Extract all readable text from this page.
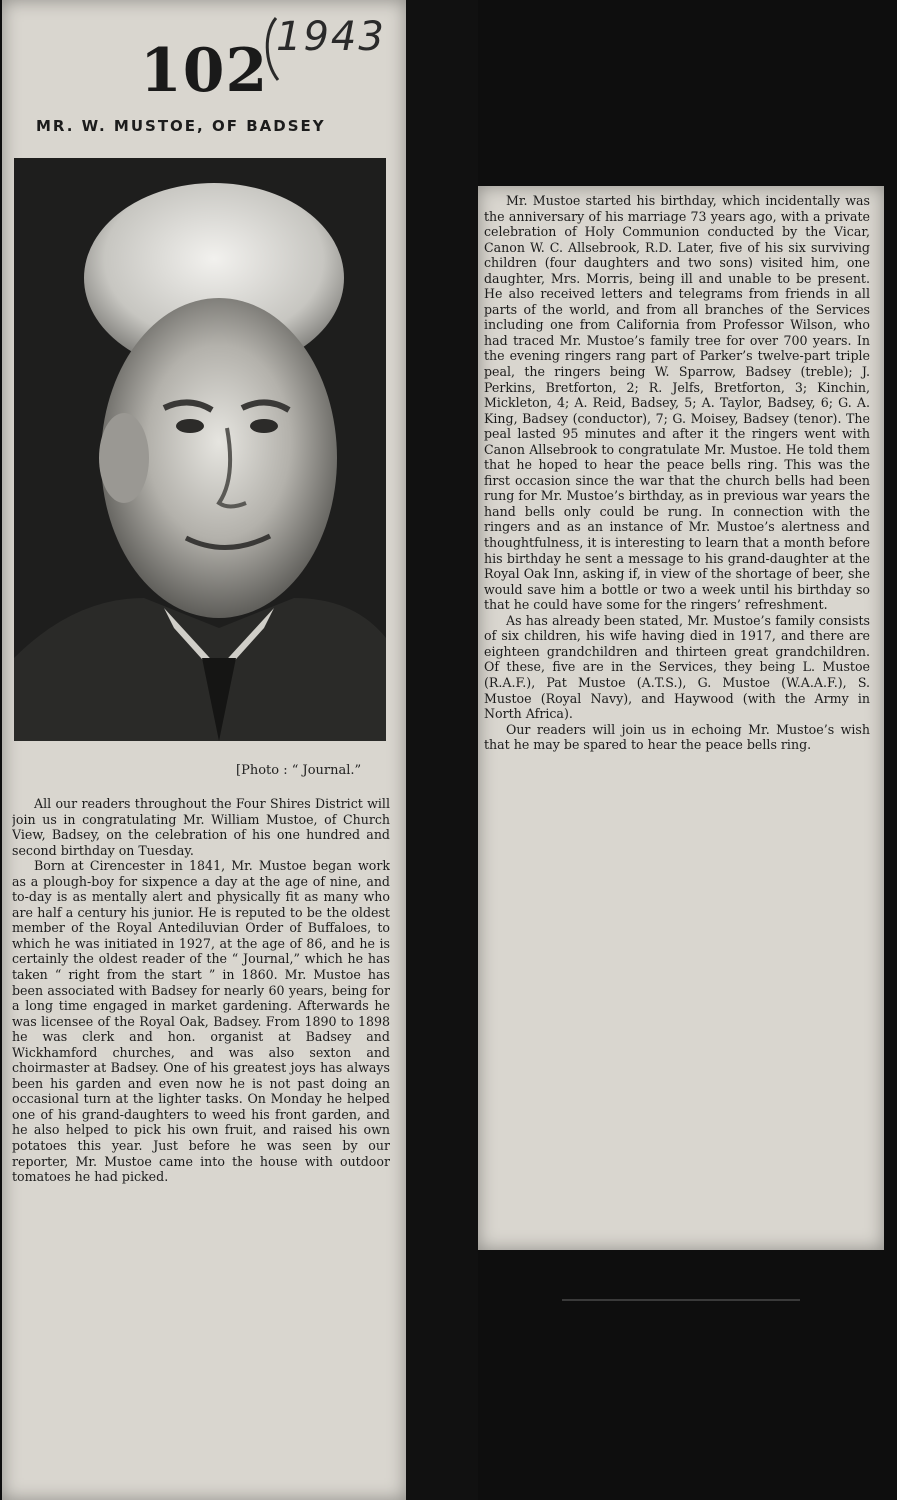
102 1943
MR. W. MUSTOE, OF BADSEY
[Photo : “ Journal.”

All our readers throughout the Four Shires District will join us in congratulating Mr. William Mustoe, of Church View, Badsey, on the celebration of his one hundred and second birthday on Tuesday.

Born at Cirencester in 1841, Mr. Mustoe began work as a plough-boy for sixpence a day at the age of nine, and to-day is as mentally alert and physically fit as many who are half a century his junior. He is reputed to be the oldest member of the Royal Antediluvian Order of Buffaloes, to which he was initiated in 1927, at the age of 86, and he is certainly the oldest reader of the “ Journal,” which he has taken “ right from the start ” in 1860. Mr. Mustoe has been associated with Badsey for nearly 60 years, being for a long time engaged in market gardening. Afterwards he was licensee of the Royal Oak, Badsey. From 1890 to 1898 he was clerk and hon. organist at Badsey and Wickhamford churches, and was also sexton and choirmaster at Badsey. One of his greatest joys has always been his garden and even now he is not past doing an occasional turn at the lighter tasks. On Monday he helped one of his grand-daughters to weed his front garden, and he also helped to pick his own fruit, and raised his own potatoes this year. Just before he was seen by our reporter, Mr. Mustoe came into the house with outdoor tomatoes he had picked.

Mr. Mustoe started his birthday, which incidentally was the anniversary of his marriage 73 years ago, with a private celebration of Holy Communion conducted by the Vicar, Canon W. C. Allsebrook, R.D. Later, five of his six surviving children (four daughters and two sons) visited him, one daughter, Mrs. Morris, being ill and unable to be present. He also received letters and telegrams from friends in all parts of the world, and from all branches of the Services including one from California from Professor Wilson, who had traced Mr. Mustoe’s family tree for over 700 years. In the evening ringers rang part of Parker’s twelve-part triple peal, the ringers being W. Sparrow, Badsey (treble); J. Perkins, Bretforton, 2; R. Jelfs, Bretforton, 3; Kinchin, Mickleton, 4; A. Reid, Badsey, 5; A. Taylor, Badsey, 6; G. A. King, Badsey (conductor), 7; G. Moisey, Badsey (tenor). The peal lasted 95 minutes and after it the ringers went with Canon Allsebrook to congratulate Mr. Mustoe. He told them that he hoped to hear the peace bells ring. This was the first occasion since the war that the church bells had been rung for Mr. Mustoe’s birthday, as in previous war years the hand bells only could be rung. In connection with the ringers and as an instance of Mr. Mustoe’s alertness and thoughtfulness, it is interesting to learn that a month before his birthday he sent a message to his grand-daughter at the Royal Oak Inn, asking if, in view of the shortage of beer, she would save him a bottle or two a week until his birthday so that he could have some for the ringers’ refreshment.

As has already been stated, Mr. Mustoe’s family consists of six children, his wife having died in 1917, and there are eighteen grandchildren and thirteen great grandchildren. Of these, five are in the Services, they being L. Mustoe (R.A.F.), Pat Mustoe (A.T.S.), G. Mustoe (W.A.A.F.), S. Mustoe (Royal Navy), and Haywood (with the Army in North Africa).

Our readers will join us in echoing Mr. Mustoe’s wish that he may be spared to hear the peace bells ring.
